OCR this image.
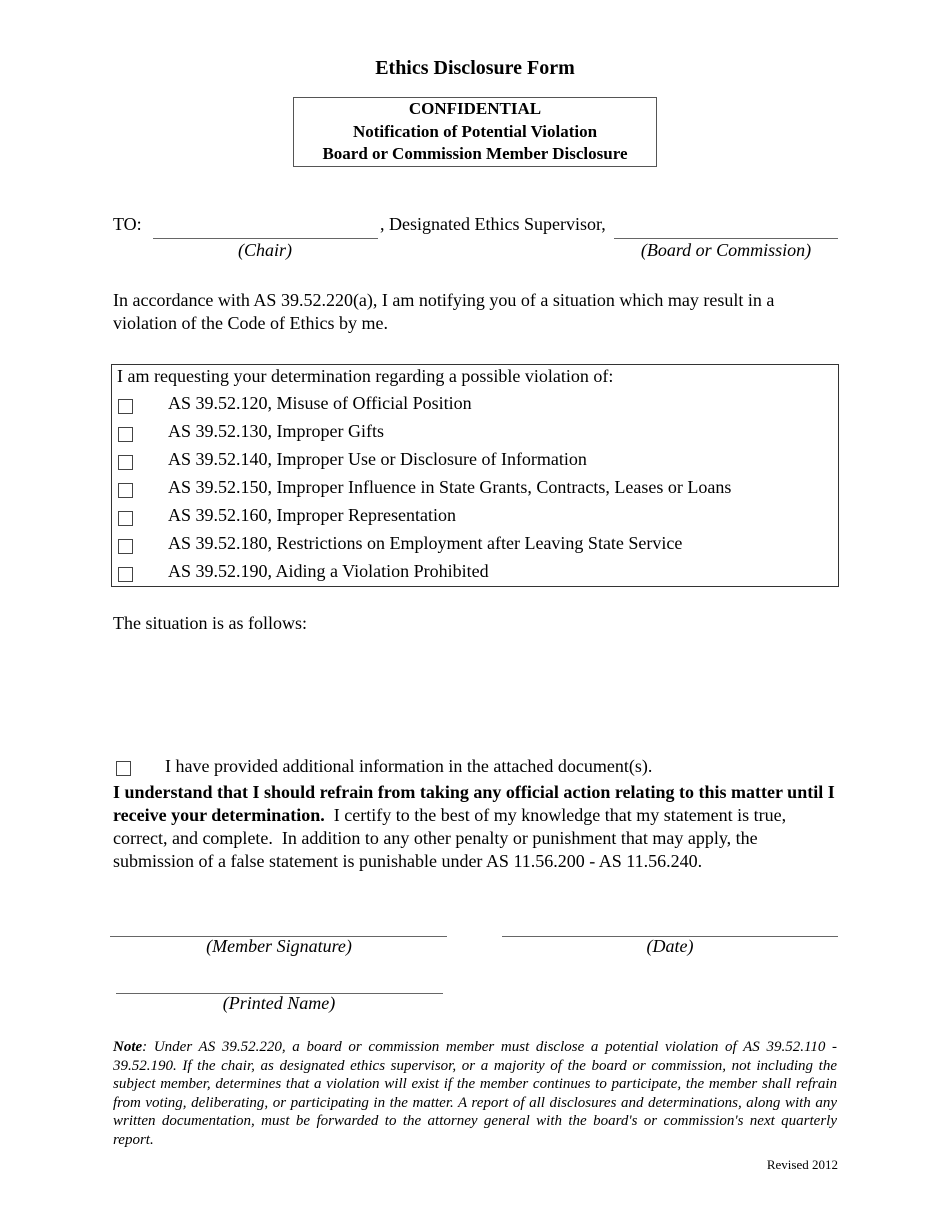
Ethics Disclosure Form
CONFIDENTIAL
Notification of Potential Violation
Board or Commission Member Disclosure
TO:	, Designated Ethics Supervisor,
(Chair)	(Board or Commission)
In accordance with AS 39.52.220(a), I am notifying you of a situation which may result in a violation of the Code of Ethics by me.
I am requesting your determination regarding a possible violation of:
AS 39.52.120, Misuse of Official Position
AS 39.52.130, Improper Gifts
AS 39.52.140, Improper Use or Disclosure of Information
AS 39.52.150, Improper Influence in State Grants, Contracts, Leases or Loans
AS 39.52.160, Improper Representation
AS 39.52.180, Restrictions on Employment after Leaving State Service
AS 39.52.190, Aiding a Violation Prohibited
The situation is as follows:
I have provided additional information in the attached document(s).
I understand that I should refrain from taking any official action relating to this matter until I receive your determination.  I certify to the best of my knowledge that my statement is true, correct, and complete.  In addition to any other penalty or punishment that may apply, the submission of a false statement is punishable under AS 11.56.200 - AS 11.56.240.
(Member Signature)	(Date)
(Printed Name)
Note: Under AS 39.52.220, a board or commission member must disclose a potential violation of AS 39.52.110 - 39.52.190. If the chair, as designated ethics supervisor, or a majority of the board or commission, not including the subject member, determines that a violation will exist if the member continues to participate, the member shall refrain from voting, deliberating, or participating in the matter. A report of all disclosures and determinations, along with any written documentation, must be forwarded to the attorney general with the board's or commission's next quarterly report.
Revised 2012
